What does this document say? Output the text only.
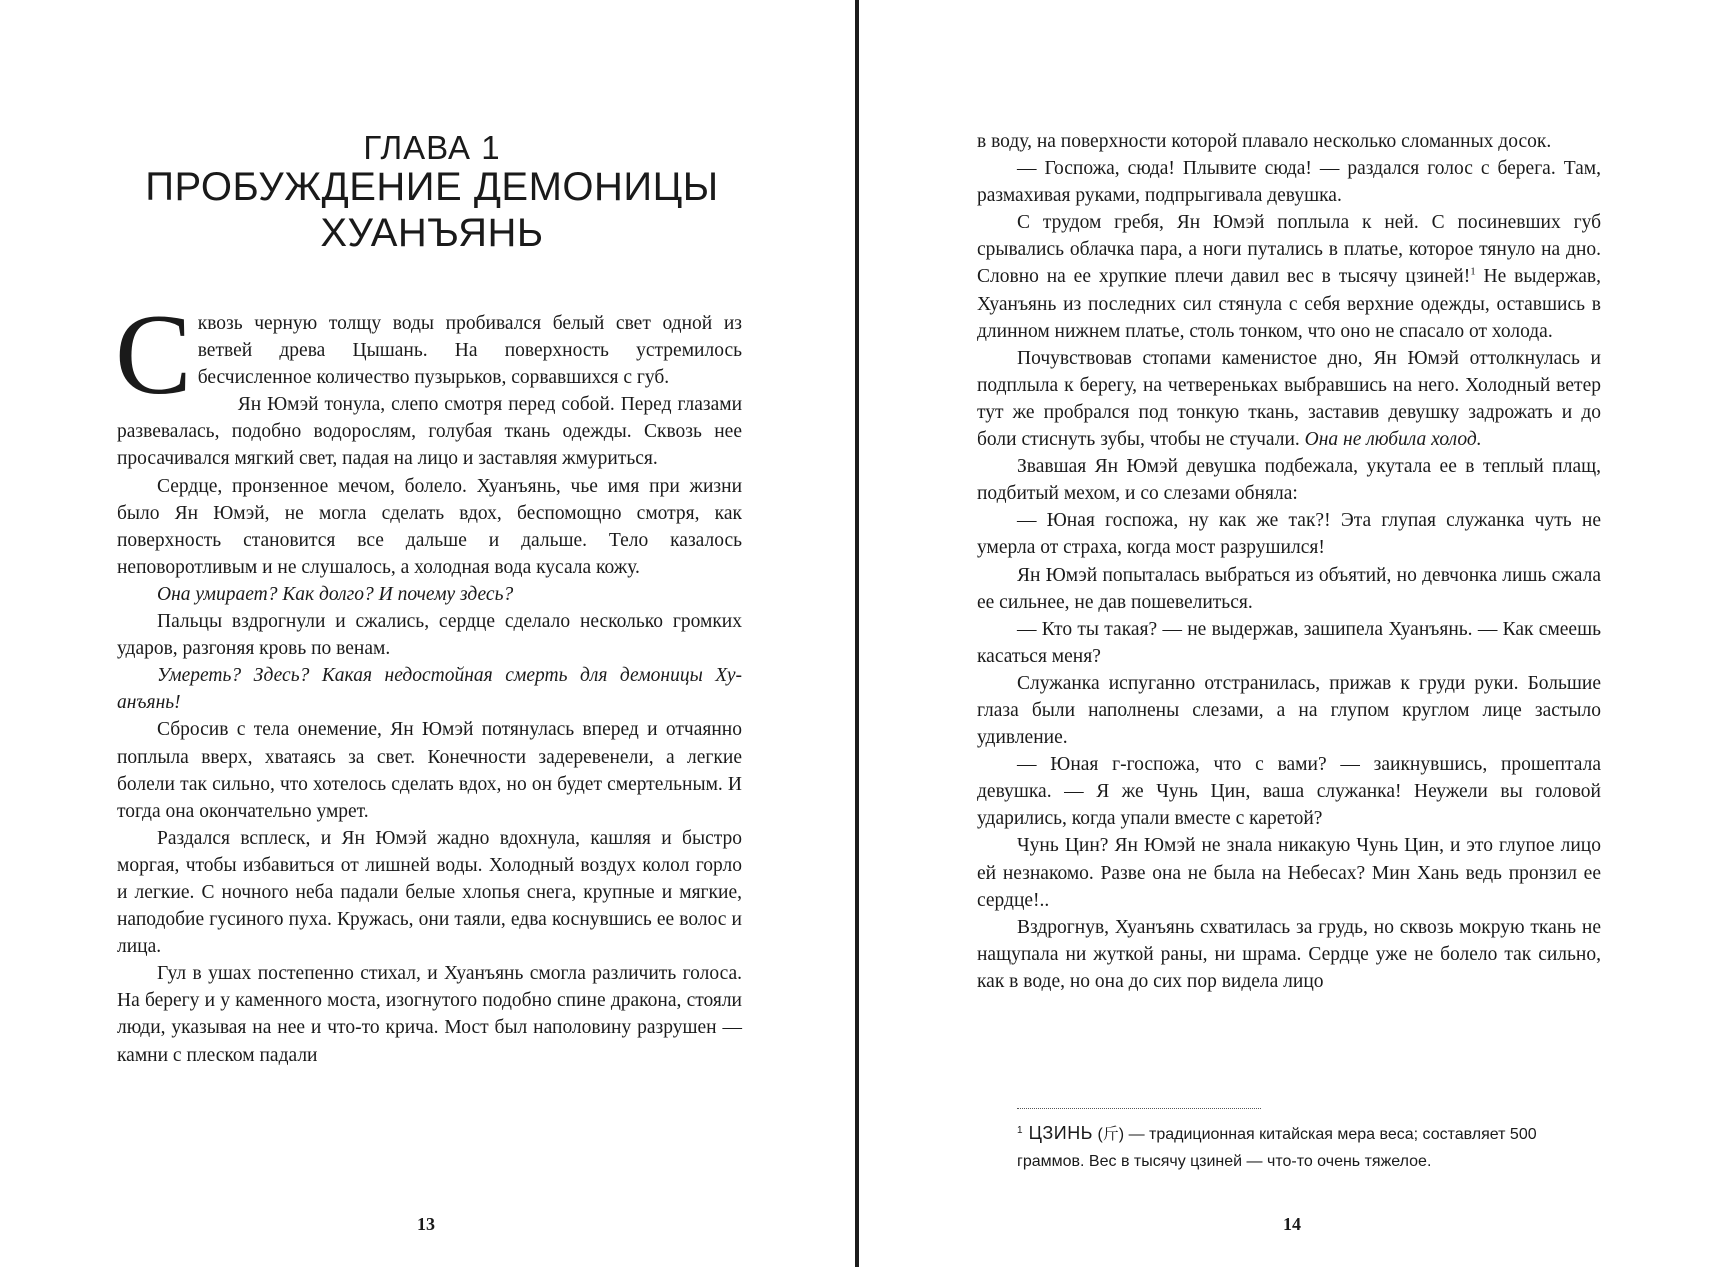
ГЛАВА 1
ПРОБУЖДЕНИЕ ДЕМОНИЦЫ
ХУАНЪЯНЬ

Сквозь черную толщу воды пробивался белый свет одной из ветвей древа Цышань. На поверхность устремилось бесчисленное количество пузырьков, сорвавшихся с губ.

Ян Юмэй тонула, слепо смотря перед собой. Перед глазами развевалась, подобно водорослям, голубая ткань одежды. Сквозь нее просачивался мягкий свет, падая на лицо и заставляя жмуриться.

Сердце, пронзенное мечом, болело. Хуанъянь, чье имя при жизни было Ян Юмэй, не могла сделать вдох, беспомощно смотря, как поверхность становится все дальше и дальше. Тело казалось неповоротливым и не слушалось, а холодная вода кусала кожу.

Она умирает? Как долго? И почему здесь?

Пальцы вздрогнули и сжались, сердце сделало несколько громких ударов, разгоняя кровь по венам.

Умереть? Здесь? Какая недостойная смерть для демоницы Хуанъянь!

Сбросив с тела онемение, Ян Юмэй потянулась вперед и отчаянно поплыла вверх, хватаясь за свет. Конечности задеревенели, а легкие болели так сильно, что хотелось сделать вдох, но он будет смертельным. И тогда она окончательно умрет.

Раздался всплеск, и Ян Юмэй жадно вдохнула, кашляя и быстро моргая, чтобы избавиться от лишней воды. Холодный воздух колол горло и легкие. С ночного неба падали белые хлопья снега, крупные и мягкие, наподобие гусиного пуха. Кружась, они таяли, едва коснувшись ее волос и лица.

Гул в ушах постепенно стихал, и Хуанъянь смогла различить голоса. На берегу и у каменного моста, изогнутого подобно спине дракона, стояли люди, указывая на нее и что-то крича. Мост был наполовину разрушен — камни с плеском падали

13

в воду, на поверхности которой плавало несколько сломанных досок.

— Госпожа, сюда! Плывите сюда! — раздался голос с берега. Там, размахивая руками, подпрыгивала девушка.

С трудом гребя, Ян Юмэй поплыла к ней. С посиневших губ срывались облачка пара, а ноги путались в платье, которое тянуло на дно. Словно на ее хрупкие плечи давил вес в тысячу цзиней!$^1$ Не выдержав, Хуанъянь из последних сил стянула с себя верхние одежды, оставшись в длинном нижнем платье, столь тонком, что оно не спасало от холода.

Почувствовав стопами каменистое дно, Ян Юмэй оттолкнулась и подплыла к берегу, на четвереньках выбравшись на него. Холодный ветер тут же пробрался под тонкую ткань, заставив девушку задрожать и до боли стиснуть зубы, чтобы не стучали. Она не любила холод.

Звавшая Ян Юмэй девушка подбежала, укутала ее в теплый плащ, подбитый мехом, и со слезами обняла:

— Юная госпожа, ну как же так?! Эта глупая служанка чуть не умерла от страха, когда мост разрушился!

Ян Юмэй попыталась выбраться из объятий, но девчонка лишь сжала ее сильнее, не дав пошевелиться.

— Кто ты такая? — не выдержав, зашипела Хуанъянь. — Как смеешь касаться меня?

Служанка испуганно отстранилась, прижав к груди руки. Большие глаза были наполнены слезами, а на глупом круглом лице застыло удивление.

— Юная г-госпожа, что с вами? — заикнувшись, прошептала девушка. — Я же Чунь Цин, ваша служанка! Неужели вы головой ударились, когда упали вместе с каретой?

Чунь Цин? Ян Юмэй не знала никакую Чунь Цин, и это глупое лицо ей незнакомо. Разве она не была на Небесах? Мин Хань ведь пронзил ее сердце!..

Вздрогнув, Хуанъянь схватилась за грудь, но сквозь мокрую ткань не нащупала ни жуткой раны, ни шрама. Сердце уже не болело так сильно, как в воде, но она до сих пор видела лицо

$^1$ ЦЗИНЬ (斤) — традиционная китайская мера веса; составляет 500 граммов. Вес в тысячу цзиней — что-то очень тяжелое.

14
